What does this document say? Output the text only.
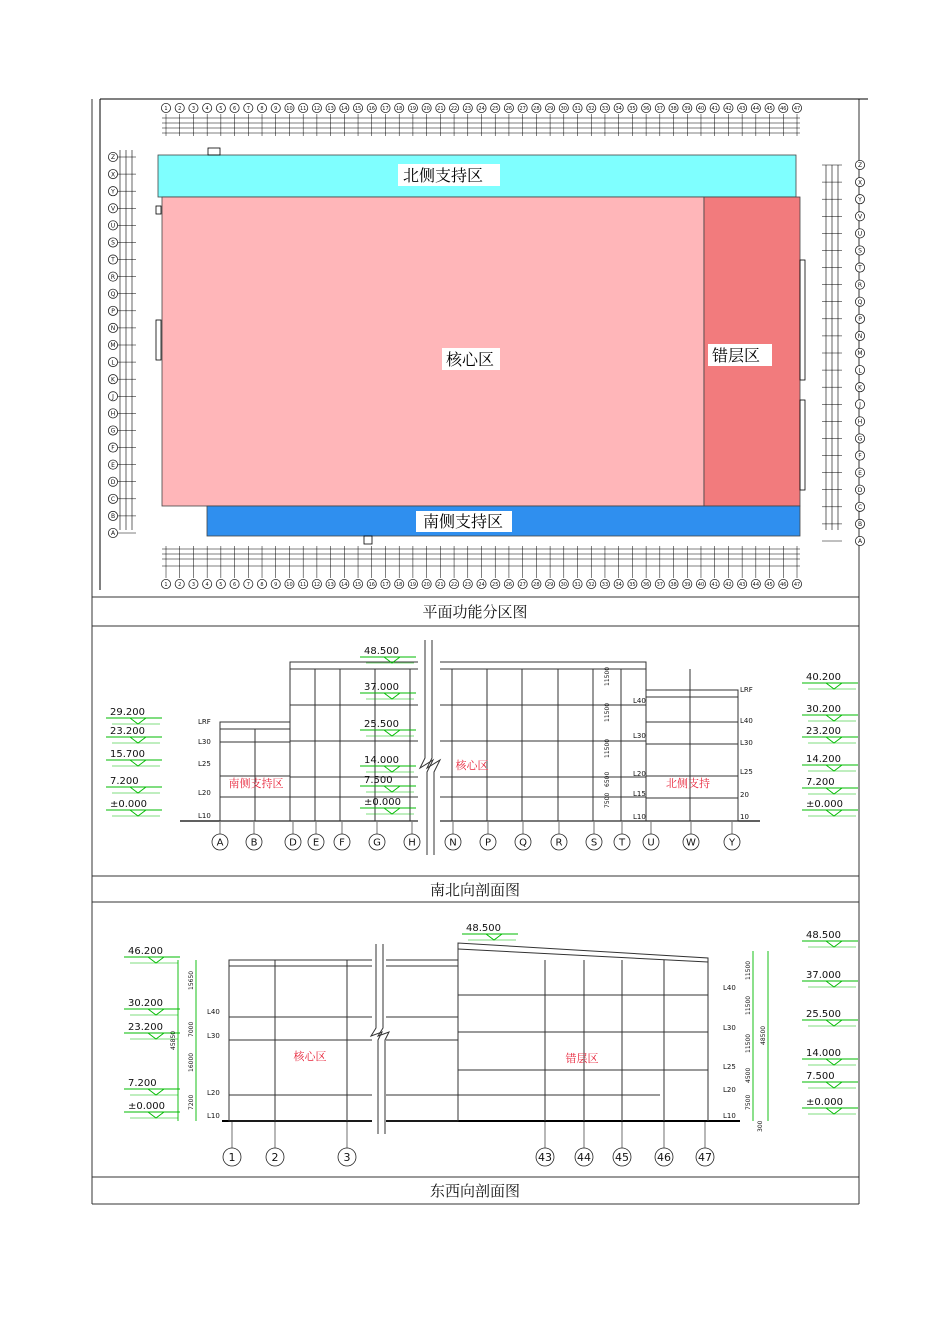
1 2 3 4 5 6 7 8 9 10 11 12 13 14 15 16 17 18 19 20 21 22 23 24 25 26 27 28 29 30 31 32 33 34 35 36 37 38 39 40 41 42 43 44 45 46 47
1 2 3 4 5 6 7 8 9 10 11 12 13 14 15 16 17 18 19 20 21 22 23 24 25 26 27 28 29 30 31 32 33 34 35 36 37 38 39 40 41 42 43 44 45 46 47
Z
X
Y
V
U
S
T
R
Q
P
N
M
L
K
J
H
G
F
E
D
C
B
A
Z
X
Y
V
U
S
T
R
Q
P
N
M
L
K
J
H
G
F
E
D
C
B
A
北侧支持区
核心区	错层区
南侧支持区
平面功能分区图
南侧支持区
核心区
北侧支持
29.200
23.200
15.700
7.200
±0.000
48.500
37.000
25.500
14.000
7.500
±0.000
40.200
30.200
23.200
14.200
7.200
±0.000
LRF
L30
L25
L20
L10
L40
L30
L20
L15
L10
LRF
L40
L30
L25
20
10
A	B	D E F	G	H	N	P	Q	R	S T U	W	Y
11500
11500
11500
6500
7500
南北向剖面图
核心区	错层区
46.200
30.200
23.200
7.200
±0.000
48.500
48.500
37.000
25.500
14.000
7.500
±0.000
L40
L30
L20
L10
L40
L30
L25
L20
L10
1	2	3	43 44 45	46 47
15650
7000
16000
7200
45850
11500
11500
11500
4500
7500
48500
300
东西向剖面图
